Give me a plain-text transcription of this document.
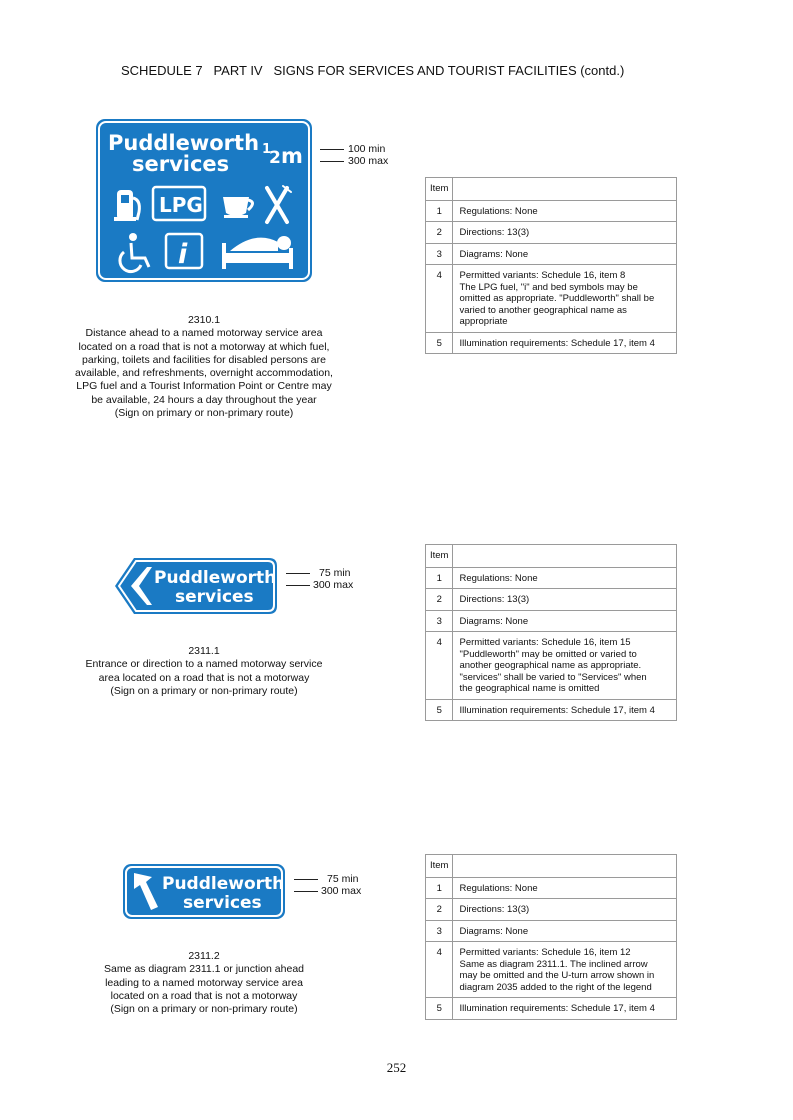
SCHEDULE 7   PART IV   SIGNS FOR SERVICES AND TOURIST FACILITIES (contd.)
Puddleworth
services
1
2 m
LPG
i
100 min
300 max
2310.1
Distance ahead to a named motorway service area
located on a road that is not a motorway at which fuel,
parking, toilets and facilities for disabled persons are
available, and refreshments, overnight accommodation,
LPG fuel and a Tourist Information Point or Centre may
be available, 24 hours a day throughout the year
(Sign on primary or non-primary route)
Item	
1	Regulations: None
2	Directions: 13(3)
3	Diagrams: None
4	Permitted variants: Schedule 16, item 8
The LPG fuel, "i" and bed symbols may be
omitted as appropriate. "Puddleworth" shall be
varied to another geographical name as
appropriate

5	Illumination requirements: Schedule 17, item 4
Puddleworth
services
75 min
300 max
2311.1
Entrance or direction to a named motorway service
area located on a road that is not a motorway
(Sign on a primary or non-primary route)
Item	
1	Regulations: None
2	Directions: 13(3)
3	Diagrams: None
4	Permitted variants: Schedule 16, item 15
"Puddleworth" may be omitted or varied to
another geographical name as appropriate.
"services" shall be varied to "Services" when
the geographical name is omitted

5	Illumination requirements: Schedule 17, item 4
Puddleworth
services
75 min
300 max
2311.2
Same as diagram 2311.1 or junction ahead
leading to a named motorway service area
located on a road that is not a motorway
(Sign on a primary or non-primary route)
Item	
1	Regulations: None
2	Directions: 13(3)
3	Diagrams: None
4	Permitted variants: Schedule 16, item 12
Same as diagram 2311.1. The inclined arrow
may be omitted and the U-turn arrow shown in
diagram 2035 added to the right of the legend

5	Illumination requirements: Schedule 17, item 4
252
